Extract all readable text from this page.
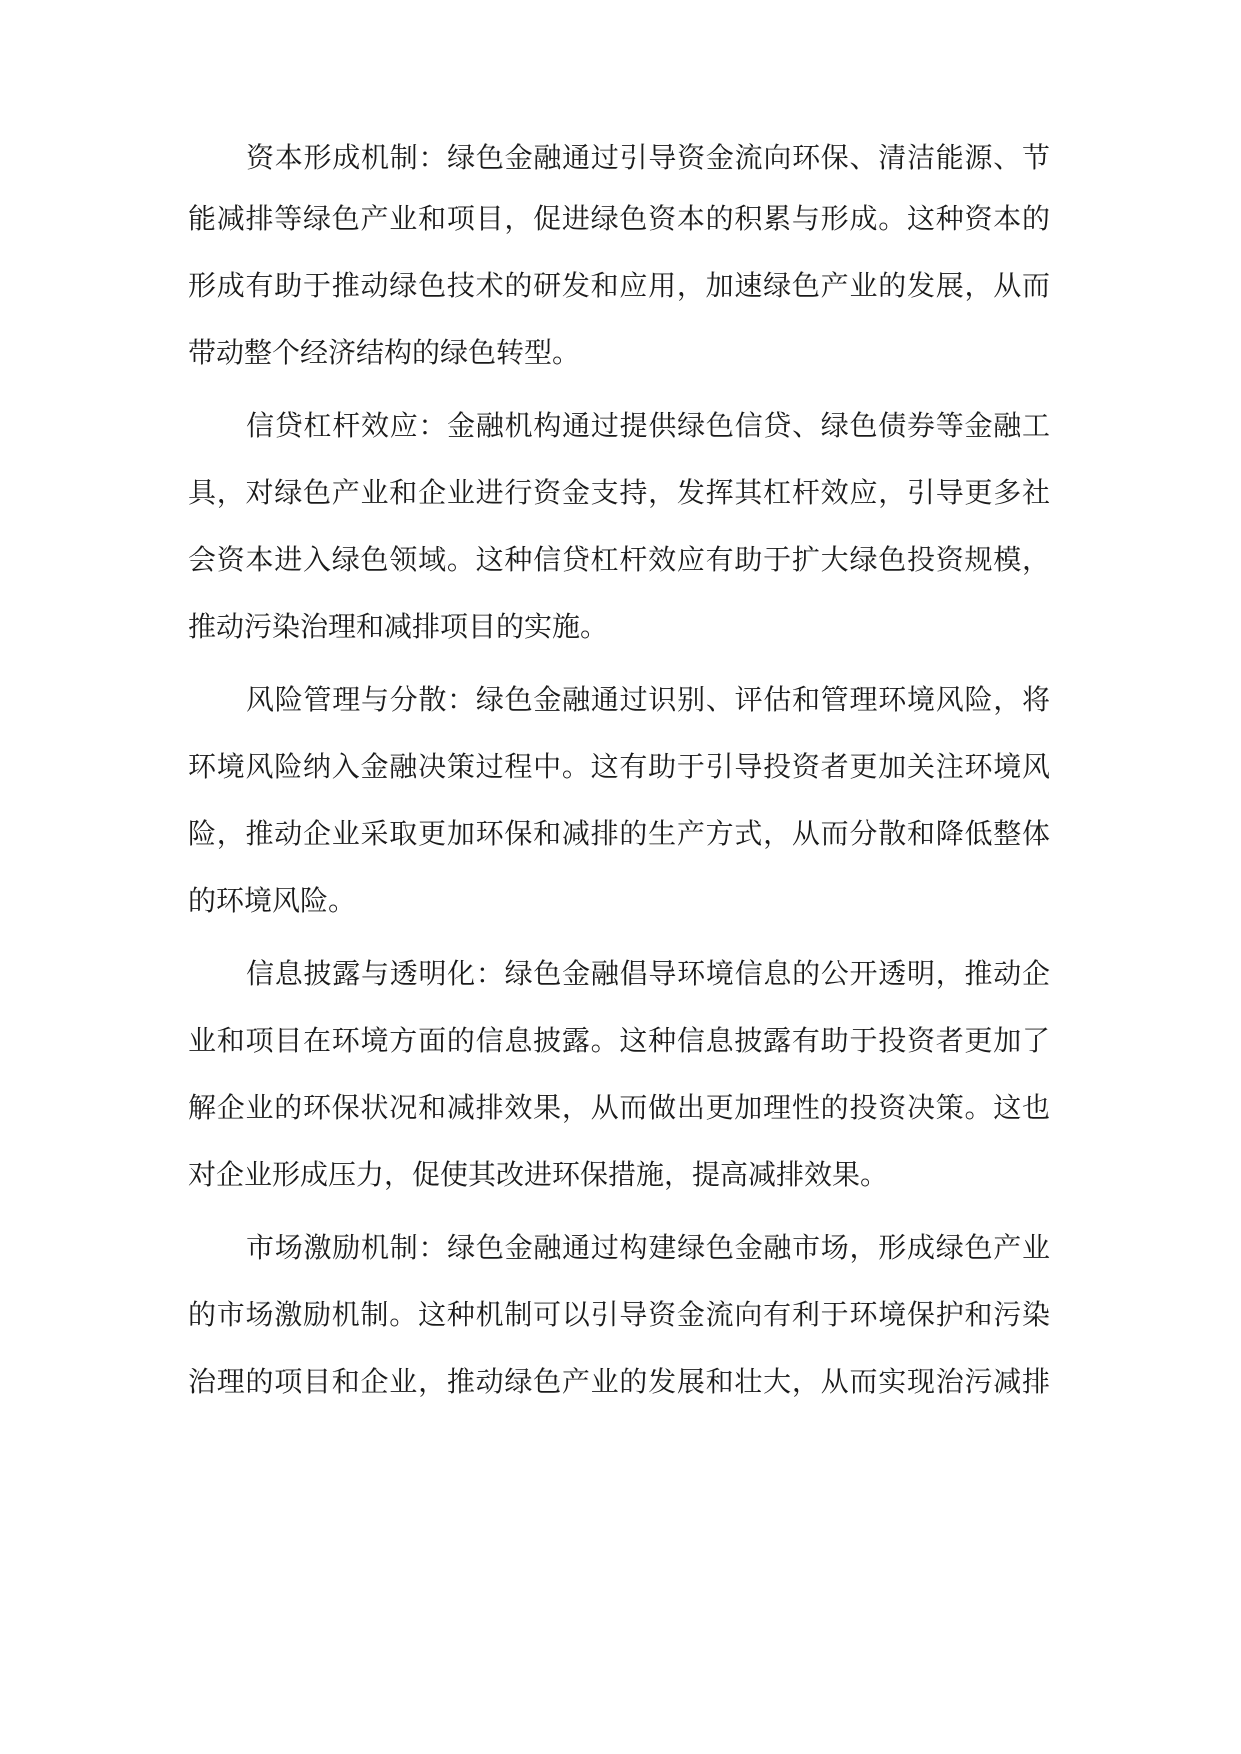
资本形成机制：绿色金融通过引导资金流向环保、清洁能源、节

能减排等绿色产业和项目，促进绿色资本的积累与形成。这种资本的

形成有助于推动绿色技术的研发和应用，加速绿色产业的发展，从而

带动整个经济结构的绿色转型。

信贷杠杆效应：金融机构通过提供绿色信贷、绿色债券等金融工

具，对绿色产业和企业进行资金支持，发挥其杠杆效应，引导更多社

会资本进入绿色领域。这种信贷杠杆效应有助于扩大绿色投资规模，

推动污染治理和减排项目的实施。

风险管理与分散：绿色金融通过识别、评估和管理环境风险，将

环境风险纳入金融决策过程中。这有助于引导投资者更加关注环境风

险，推动企业采取更加环保和减排的生产方式，从而分散和降低整体

的环境风险。

信息披露与透明化：绿色金融倡导环境信息的公开透明，推动企

业和项目在环境方面的信息披露。这种信息披露有助于投资者更加了

解企业的环保状况和减排效果，从而做出更加理性的投资决策。这也

对企业形成压力，促使其改进环保措施，提高减排效果。

市场激励机制：绿色金融通过构建绿色金融市场，形成绿色产业

的市场激励机制。这种机制可以引导资金流向有利于环境保护和污染

治理的项目和企业，推动绿色产业的发展和壮大，从而实现治污减排
